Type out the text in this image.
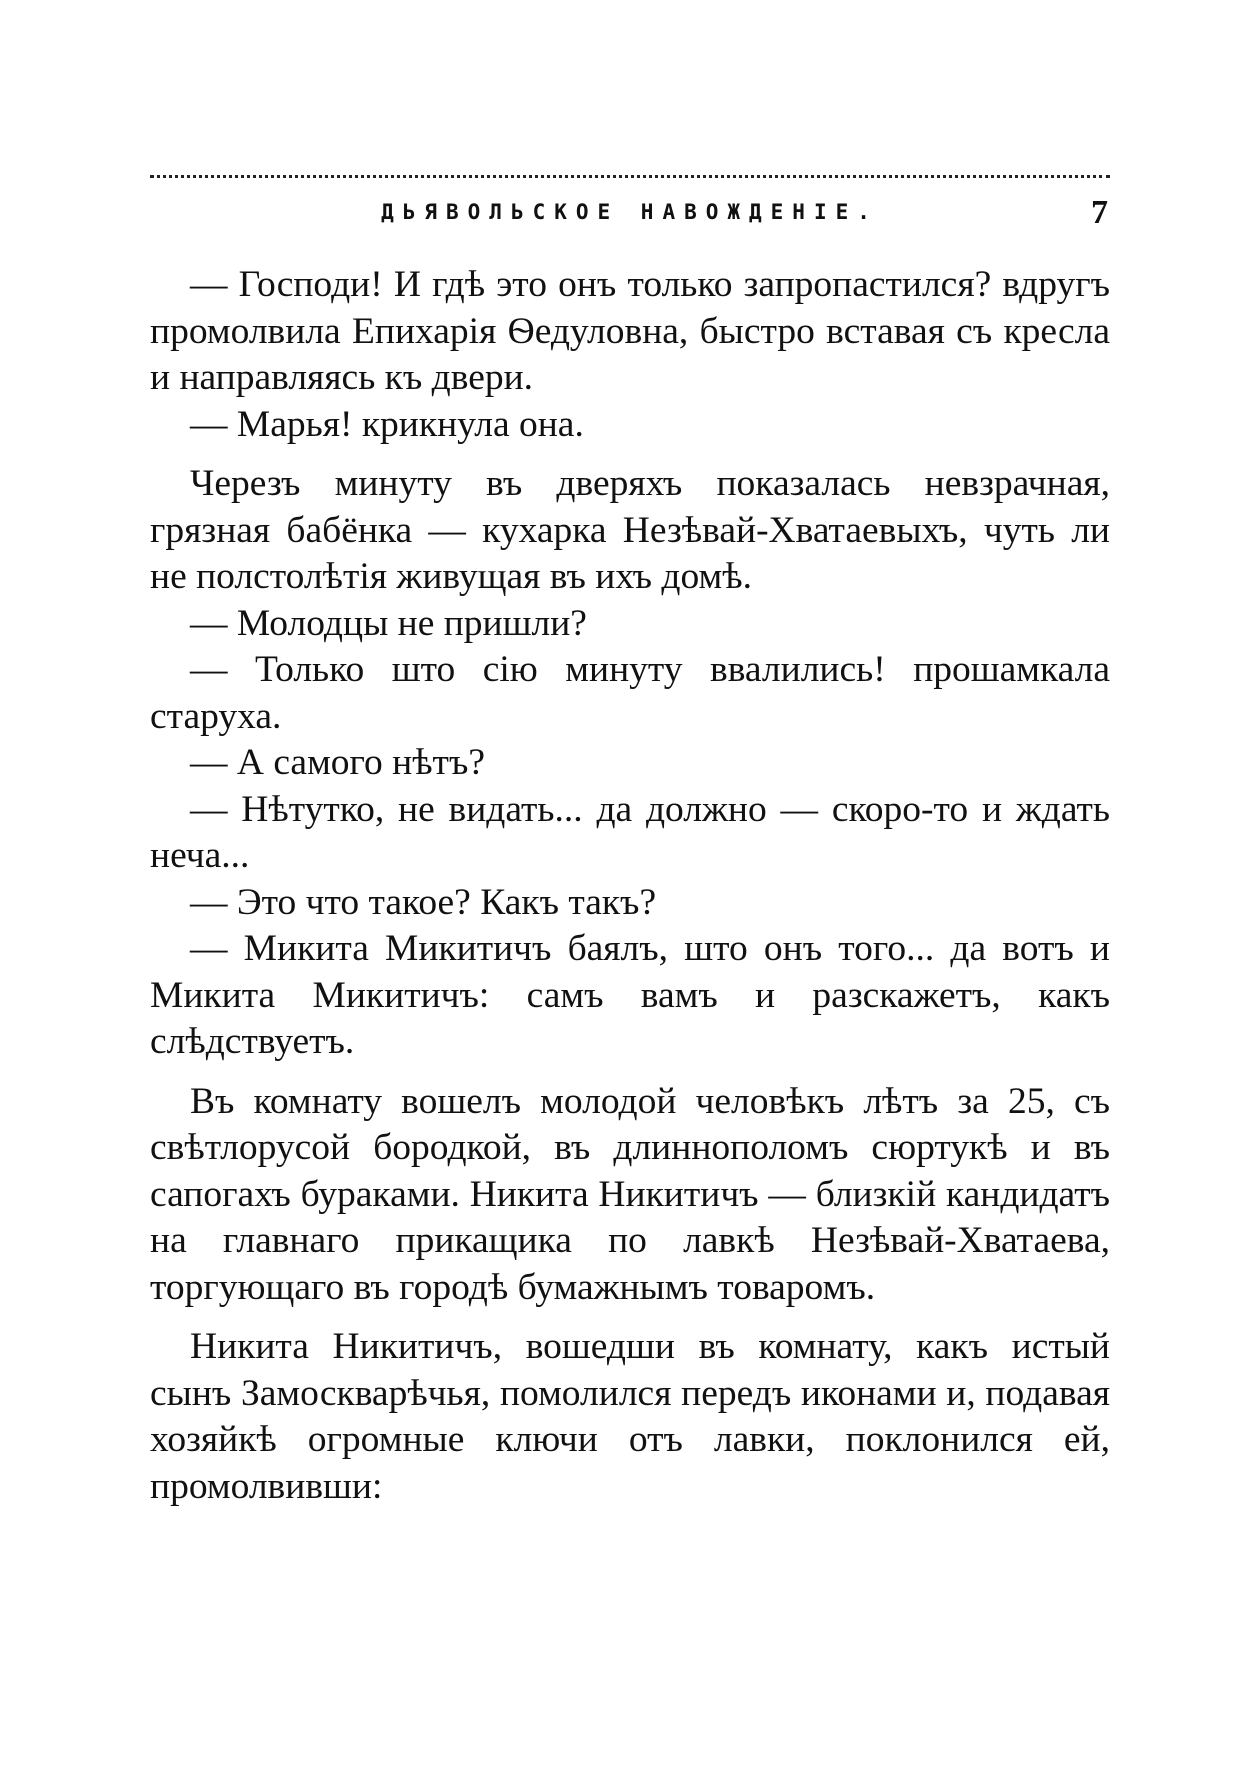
ДЬЯВОЛЬСКОЕ НАВОЖДЕНІЕ.	7

— Господи! И гдѣ это онъ только запропастился? вдругъ промолвила Епихарія Ѳедуловна, быстро вставая съ кресла и направляясь къ двери.

— Марья! крикнула она.

Черезъ минуту въ дверяхъ показалась невзрачная, грязная бабёнка — кухарка Незѣвай-Хватаевыхъ, чуть ли не полстолѣтія живущая въ ихъ домѣ.

— Молодцы не пришли?

— Только што сію минуту ввалились! прошамкала старуха.

— А самого нѣтъ?

— Нѣтутко, не видать... да должно — скоро-то и ждать неча...

— Это что такое? Какъ такъ?

— Микита Микитичъ баялъ, што онъ того... да вотъ и Микита Микитичъ: самъ вамъ и разскажетъ, какъ слѣдствуетъ.

Въ комнату вошелъ молодой человѣкъ лѣтъ за 25, съ свѣтлорусой бородкой, въ длиннополомъ сюртукѣ и въ сапогахъ бураками. Никита Никитичъ — близкій кандидатъ на главнаго прикащика по лавкѣ Незѣвай-Хватаева, торгующаго въ городѣ бумажнымъ товаромъ.

Никита Никитичъ, вошедши въ комнату, какъ истый сынъ Замоскварѣчья, помолился передъ иконами и, подавая хозяйкѣ огромные ключи отъ лавки, поклонился ей, промолвивши:
